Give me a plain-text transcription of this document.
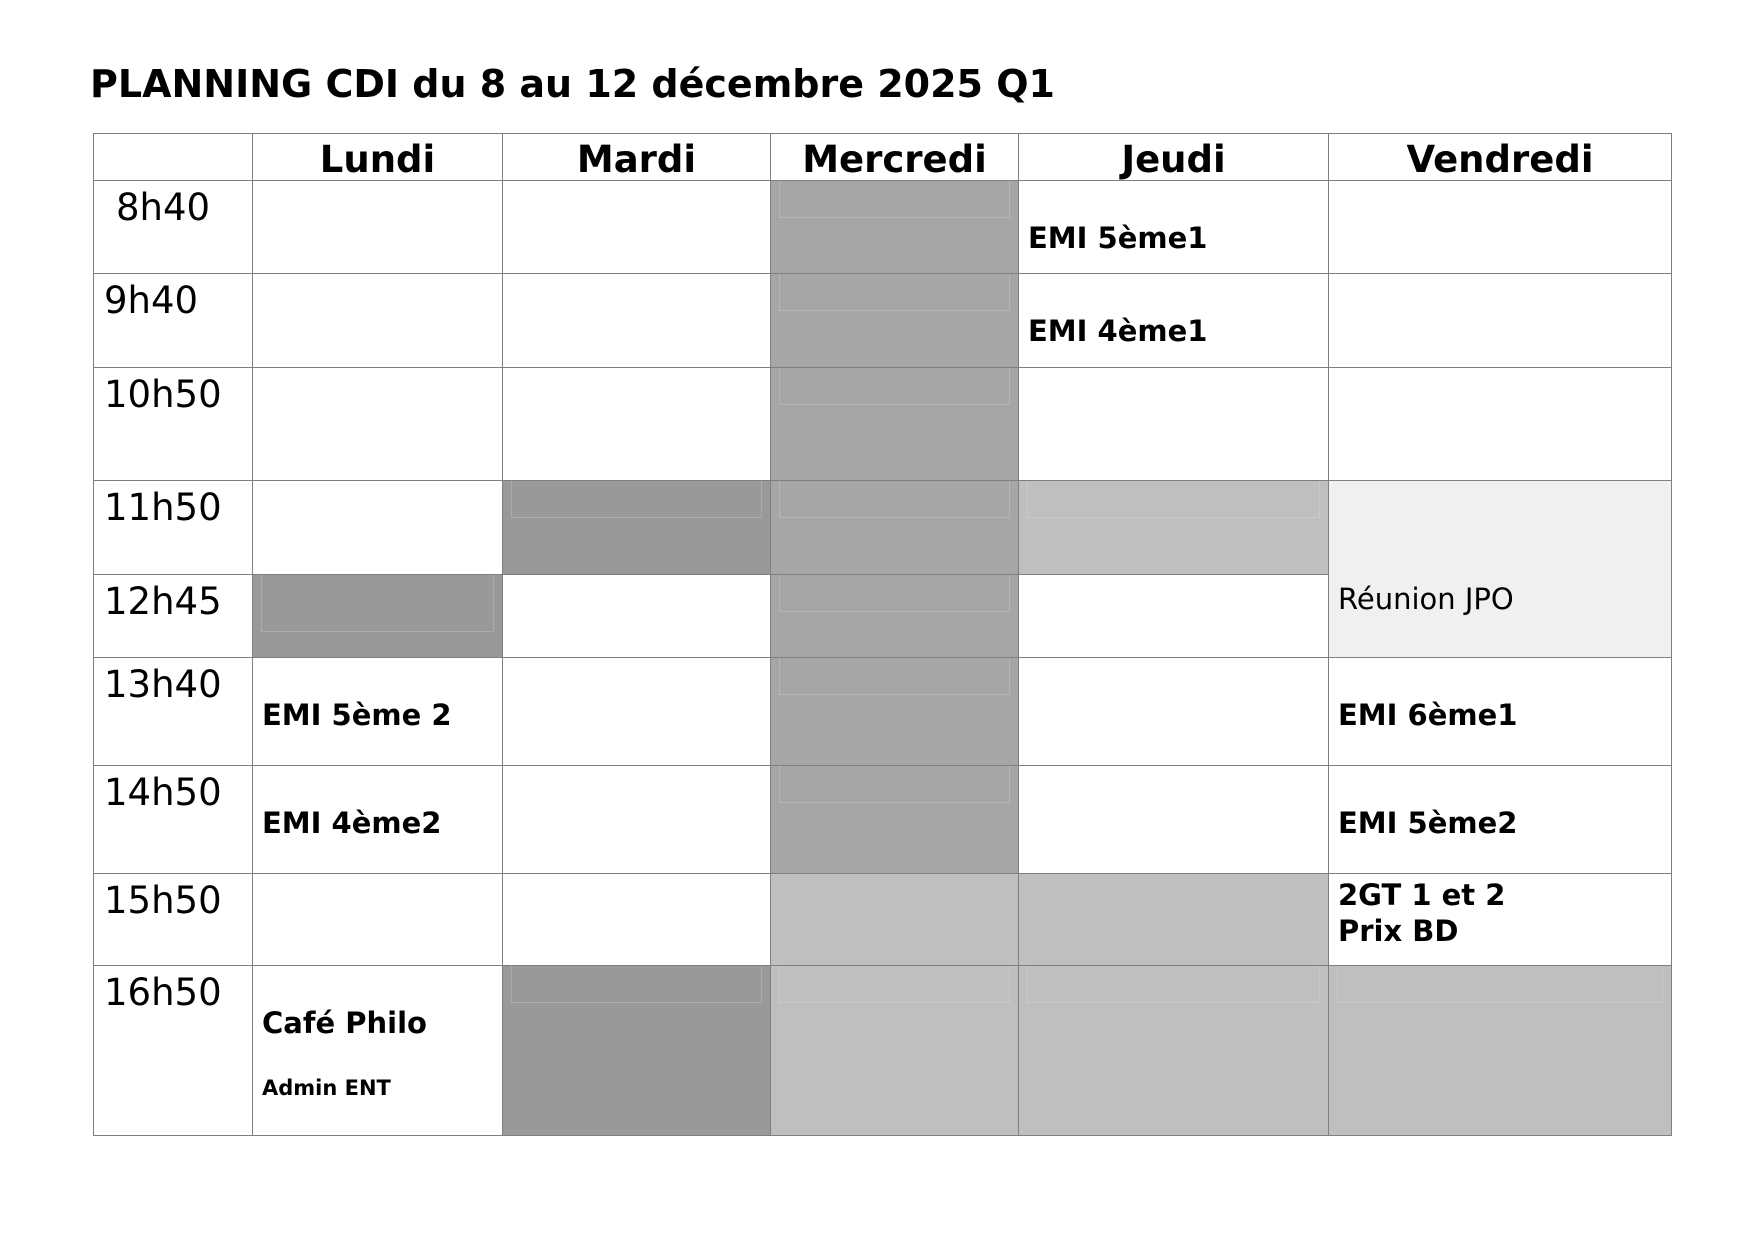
PLANNING CDI du 8 au 12 décembre 2025 Q1
	Lundi	Mardi	Mercredi	Jeudi	Vendredi
8h40				EMI 5ème1	

9h40				EMI 4ème1	

10h50					
11h50					Réunion JPO

12h45					
13h40	EMI 5ème 2				EMI 6ème1

14h50	EMI 4ème2				EMI 5ème2

15h50					2GT 1 et 2
Prix BD

16h50	Café Philo
Admin ENT				
